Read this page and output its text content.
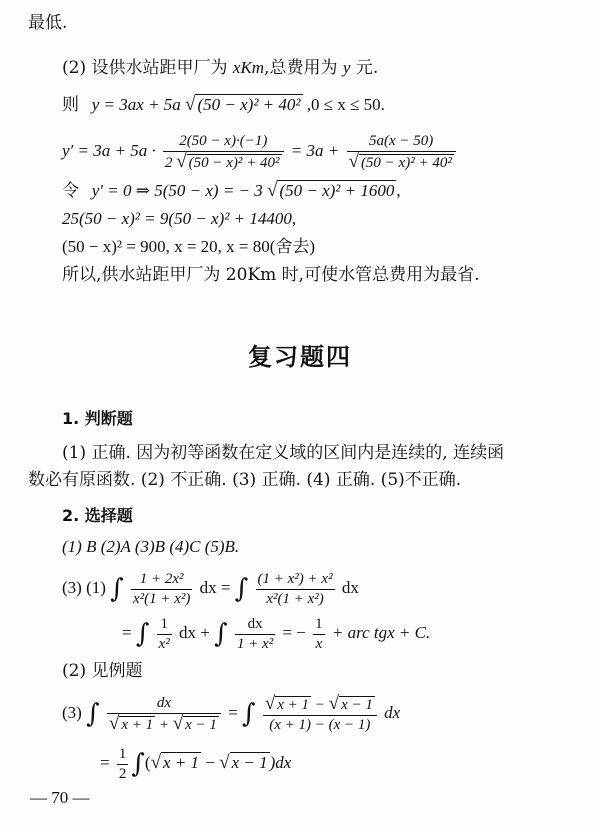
最低.
(2) 设供水站距甲厂为 xKm,总费用为 y 元.
则 y = 3ax + 5a √ (50 − x)² + 40² ,0 ≤ x ≤ 50.
$y' = 3a + 5a \cdot \frac{2(50 - x)\cdot(-1)}{\text{2 √ (50 − x)² + 40²}} = 3a + \frac{5a(x - 50)}{\text{√ (50 − x)² + 40²}}$
令 y′ = 0 ⇒ 5(50 − x) = − 3 √ (50 − x)² + 1600 ,
25(50 − x)² = 9(50 − x)² + 14400,
(50 − x)² = 900, x = 20, x = 80(舍去)
所以,供水站距甲厂为 20Km 时,可使水管总费用为最省.
复习题四
1. 判断题
(1) 正确. 因为初等函数在定义域的区间内是连续的, 连续函
数必有原函数. (2) 不正确. (3) 正确. (4) 正确. (5)不正确.
2. 选择题
(1) B (2)A (3)B (4)C (5)B.
(3) (1) ∫ $\frac{\text{1 + 2x²}}{\text{x²(1 + x²)}}$ dx = ∫ $\frac{\text{(1 + x²) + x²}}{\text{x²(1 + x²)}}$ dx
= ∫ $\frac{1}{\text{x²}}$ dx + ∫ $\frac{dx}{\text{1 + x²}}$ = − $\frac{1}{x}$ + arc tgx + C.
(2) 见例题
(3) ∫ $\frac{dx}{√ x + 1 + √ x - 1}$ = ∫ $\frac{√ x + 1 - √ x - 1}{(x + 1) - (x - 1)}$ dx
= $\frac{1}{2}$ ∫(√ x + 1 − √ x − 1 )dx
— 70 —
